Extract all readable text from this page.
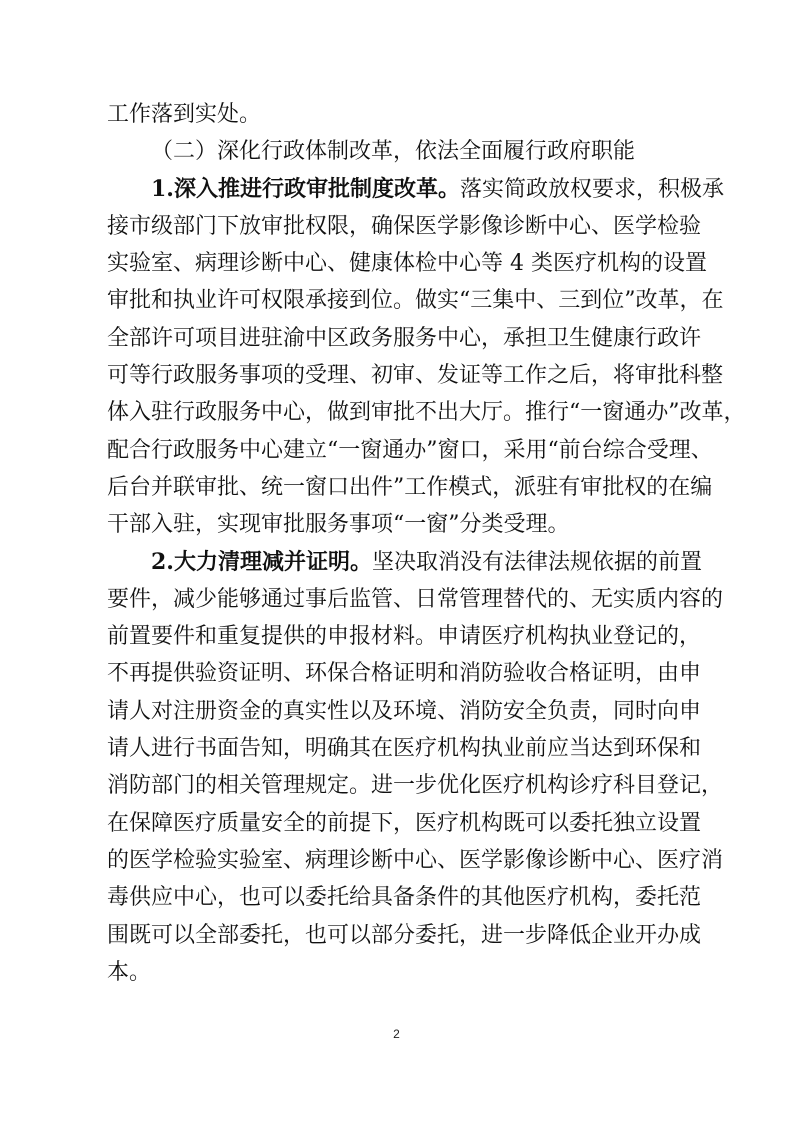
工作落到实处。
（二）深化行政体制改革，依法全面履行政府职能
1.深入推进行政审批制度改革。落实简政放权要求，积极承
接市级部门下放审批权限，确保医学影像诊断中心、医学检验
实验室、病理诊断中心、健康体检中心等 4 类医疗机构的设置
审批和执业许可权限承接到位。做实“三集中、三到位”改革，在
全部许可项目进驻渝中区政务服务中心，承担卫生健康行政许
可等行政服务事项的受理、初审、发证等工作之后，将审批科整
体入驻行政服务中心，做到审批不出大厅。推行“一窗通办”改革，
配合行政服务中心建立“一窗通办”窗口，采用“前台综合受理、
后台并联审批、统一窗口出件”工作模式，派驻有审批权的在编
干部入驻，实现审批服务事项“一窗”分类受理。
2.大力清理减并证明。坚决取消没有法律法规依据的前置
要件，减少能够通过事后监管、日常管理替代的、无实质内容的
前置要件和重复提供的申报材料。申请医疗机构执业登记的，
不再提供验资证明、环保合格证明和消防验收合格证明，由申
请人对注册资金的真实性以及环境、消防安全负责，同时向申
请人进行书面告知，明确其在医疗机构执业前应当达到环保和
消防部门的相关管理规定。进一步优化医疗机构诊疗科目登记，
在保障医疗质量安全的前提下，医疗机构既可以委托独立设置
的医学检验实验室、病理诊断中心、医学影像诊断中心、医疗消
毒供应中心，也可以委托给具备条件的其他医疗机构，委托范
围既可以全部委托，也可以部分委托，进一步降低企业开办成
本。
2
